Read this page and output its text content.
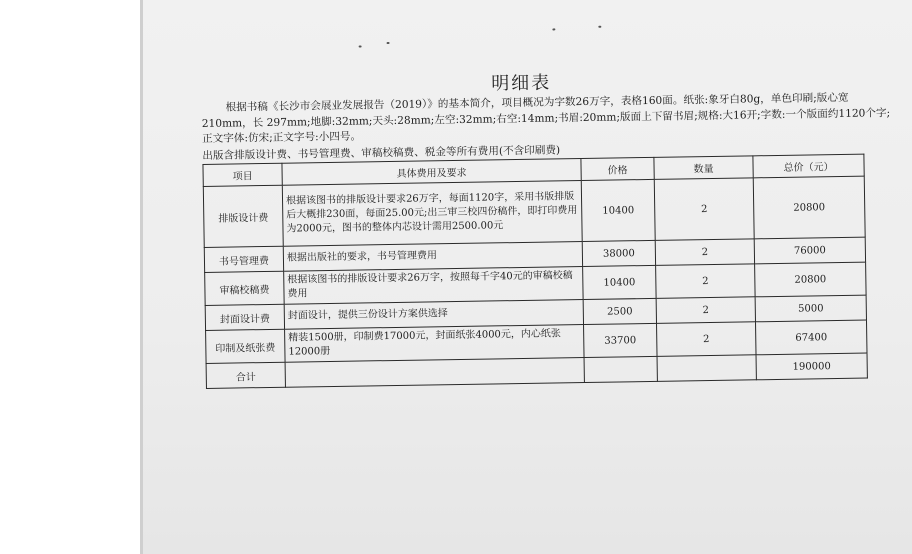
明细表
根据书稿《长沙市会展业发展报告（2019）》的基本简介，项目概况为字数26万字，表格160面。纸张:象牙白80g，单色印刷;版心宽210mm，长 297mm;地脚:32mm;天头:28mm;左空:32mm;右空:14mm;书眉:20mm;版面上下留书眉;规格:大16开;字数:一个版面约1120个字;正文字体:仿宋;正文字号:小四号。
出版含排版设计费、书号管理费、审稿校稿费、税金等所有费用(不含印刷费)
项目	具体费用及要求	价格	数量	总价（元）
排版设计费	根据该图书的排版设计要求26万字，每面1120字，采用书版排版后大概排230面，每面25.00元;出三审三校四份稿件，即打印费用为2000元，图书的整体内芯设计需用2500.00元	10400	2	20800
书号管理费	根据出版社的要求，书号管理费用	38000	2	76000
审稿校稿费	根据该图书的排版设计要求26万字，按照每千字40元的审稿校稿费用	10400	2	20800
封面设计费	封面设计，提供三份设计方案供选择	2500	2	5000
印制及纸张费	精装1500册，印制费17000元，封面纸张4000元，内心纸张12000册	33700	2	67400
合计				190000
